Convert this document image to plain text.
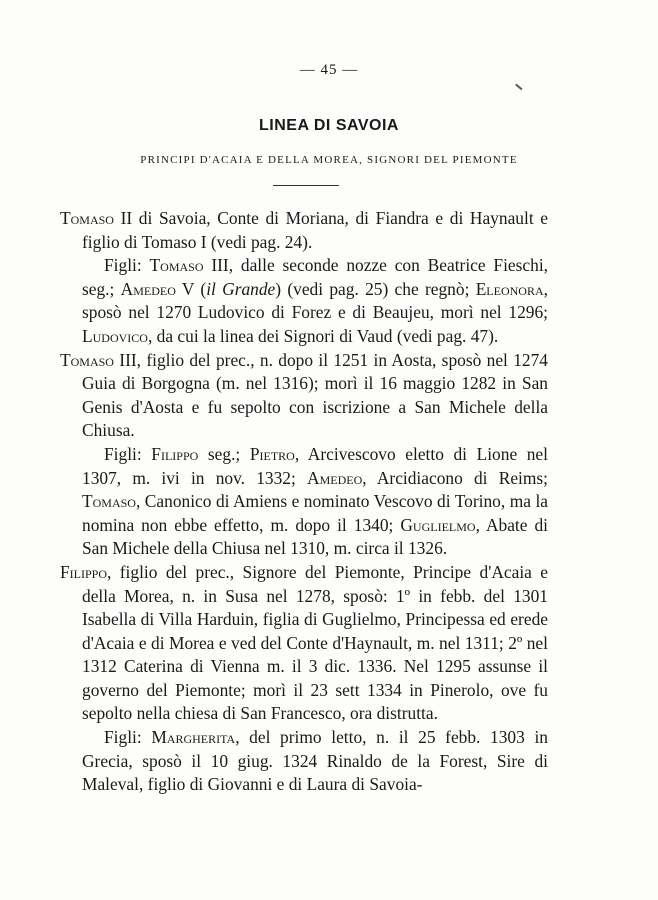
— 45 —
LINEA DI SAVOIA
PRINCIPI D'ACAIA E DELLA MOREA, SIGNORI DEL PIEMONTE

Tomaso II di Savoia, Conte di Moriana, di Fiandra e di Haynault e figlio di Tomaso I (vedi pag. 24).

Figli: Tomaso III, dalle seconde nozze con Beatrice Fieschi, seg.; Amedeo V (il Grande) (vedi pag. 25) che regnò; Eleonora, sposò nel 1270 Ludovico di Forez e di Beaujeu, morì nel 1296; Ludovico, da cui la linea dei Signori di Vaud (vedi pag. 47).

Tomaso III, figlio del prec., n. dopo il 1251 in Aosta, sposò nel 1274 Guia di Borgogna (m. nel 1316); morì il 16 maggio 1282 in San Genis d'Aosta e fu sepolto con iscrizione a San Michele della Chiusa.

Figli: Filippo seg.; Pietro, Arcivescovo eletto di Lione nel 1307, m. ivi in nov. 1332; Amedeo, Arcidiacono di Reims; Tomaso, Canonico di Amiens e nominato Vescovo di Torino, ma la nomina non ebbe effetto, m. dopo il 1340; Guglielmo, Abate di San Michele della Chiusa nel 1310, m. circa il 1326.

Filippo, figlio del prec., Signore del Piemonte, Principe d'Acaia e della Morea, n. in Susa nel 1278, sposò: 1º in febb. del 1301 Isabella di Villa Harduin, figlia di Guglielmo, Principessa ed erede d'Acaia e di Morea e ved del Conte d'Haynault, m. nel 1311; 2º nel 1312 Caterina di Vienna m. il 3 dic. 1336. Nel 1295 assunse il governo del Piemonte; morì il 23 sett 1334 in Pinerolo, ove fu sepolto nella chiesa di San Francesco, ora distrutta.

Figli: Margherita, del primo letto, n. il 25 febb. 1303 in Grecia, sposò il 10 giug. 1324 Rinaldo de la Forest, Sire di Maleval, figlio di Giovanni e di Laura di Savoia-
